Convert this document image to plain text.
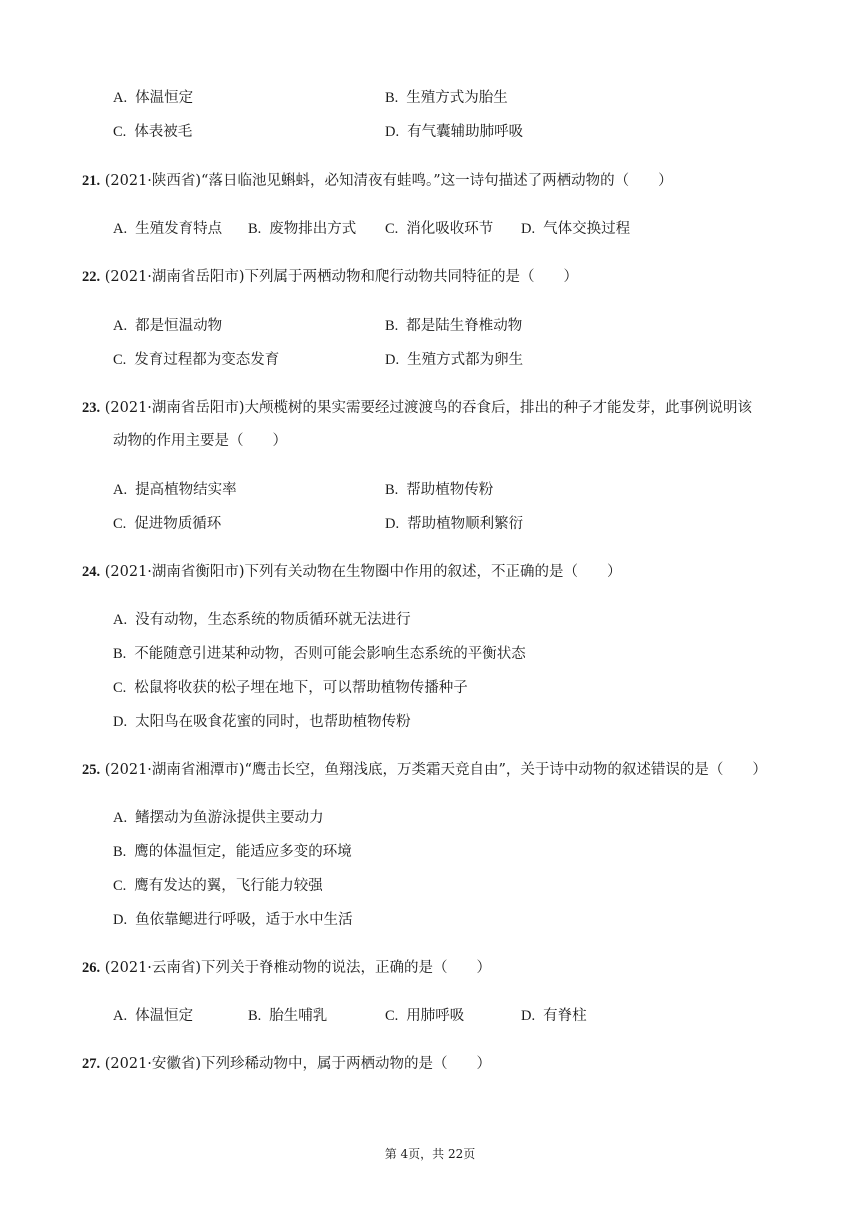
A. 体温恒定	B. 生殖方式为胎生
C. 体表被毛	D. 有气囊辅助肺呼吸
21. (2021·陕西省)“落日临池见蝌蚪，必知清夜有蛙鸣。”这一诗句描述了两栖动物的（　　）
A. 生殖发育特点 B. 废物排出方式 C. 消化吸收环节 D. 气体交换过程
22. (2021·湖南省岳阳市)下列属于两栖动物和爬行动物共同特征的是（　　）
A. 都是恒温动物	B. 都是陆生脊椎动物
C. 发育过程都为变态发育	D. 生殖方式都为卵生
23. (2021·湖南省岳阳市)大颅榄树的果实需要经过渡渡鸟的吞食后，排出的种子才能发芽，此事例说明该
动物的作用主要是（　　）
A. 提高植物结实率	B. 帮助植物传粉
C. 促进物质循环	D. 帮助植物顺利繁衍
24. (2021·湖南省衡阳市)下列有关动物在生物圈中作用的叙述，不正确的是（　　）
A. 没有动物，生态系统的物质循环就无法进行
B. 不能随意引进某种动物，否则可能会影响生态系统的平衡状态
C. 松鼠将收获的松子埋在地下，可以帮助植物传播种子
D. 太阳鸟在吸食花蜜的同时，也帮助植物传粉
25. (2021·湖南省湘潭市)“鹰击长空，鱼翔浅底，万类霜天竞自由”，关于诗中动物的叙述错误的是（　　）
A. 鳍摆动为鱼游泳提供主要动力
B. 鹰的体温恒定，能适应多变的环境
C. 鹰有发达的翼，飞行能力较强
D. 鱼依靠鳃进行呼吸，适于水中生活
26. (2021·云南省)下列关于脊椎动物的说法，正确的是（　　）
A. 体温恒定	B. 胎生哺乳	C. 用肺呼吸	D. 有脊柱
27. (2021·安徽省)下列珍稀动物中，属于两栖动物的是（　　）
第 4页，共 22页
